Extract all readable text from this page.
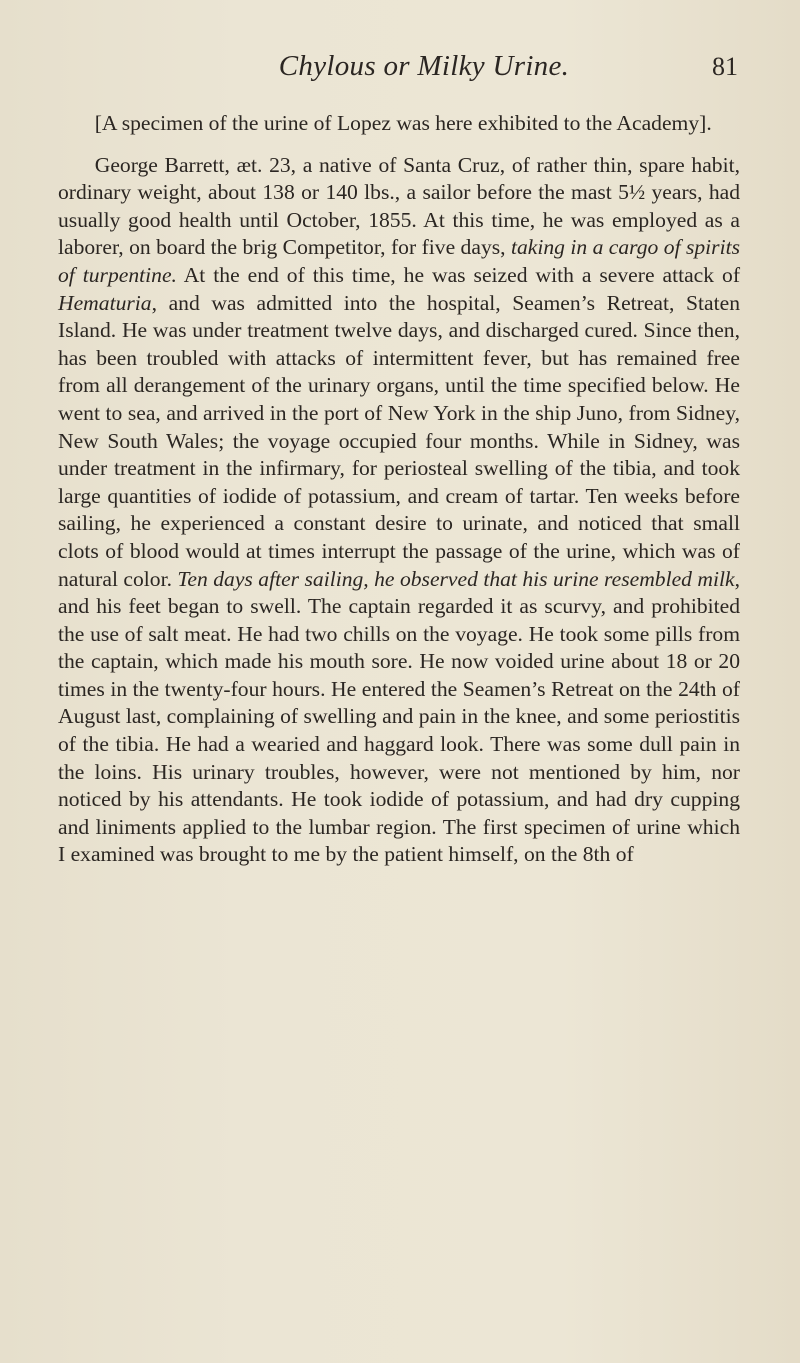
Chylous or Milky Urine.	81

[A specimen of the urine of Lopez was here exhibited to the Academy].

George Barrett, æt. 23, a native of Santa Cruz, of rather thin, spare habit, ordinary weight, about 138 or 140 lbs., a sailor before the mast 5½ years, had usually good health until October, 1855. At this time, he was employed as a laborer, on board the brig Competitor, for five days, taking in a cargo of spirits of turpentine. At the end of this time, he was seized with a severe attack of Hematuria, and was admitted into the hospital, Seamen’s Retreat, Staten Island. He was under treatment twelve days, and discharged cured. Since then, has been troubled with attacks of intermittent fever, but has remained free from all derangement of the urinary organs, until the time specified below. He went to sea, and arrived in the port of New York in the ship Juno, from Sidney, New South Wales; the voyage occupied four months. While in Sidney, was under treatment in the infirmary, for periosteal swelling of the tibia, and took large quantities of iodide of potassium, and cream of tartar. Ten weeks before sailing, he experienced a constant desire to urinate, and noticed that small clots of blood would at times interrupt the passage of the urine, which was of natural color. Ten days after sailing, he observed that his urine resembled milk, and his feet began to swell. The captain regarded it as scurvy, and prohibited the use of salt meat. He had two chills on the voyage. He took some pills from the captain, which made his mouth sore. He now voided urine about 18 or 20 times in the twenty-four hours. He entered the Seamen’s Retreat on the 24th of August last, complaining of swelling and pain in the knee, and some periostitis of the tibia. He had a wearied and haggard look. There was some dull pain in the loins. His urinary troubles, however, were not mentioned by him, nor noticed by his attendants. He took iodide of potassium, and had dry cupping and liniments applied to the lumbar region. The first specimen of urine which I examined was brought to me by the patient himself, on the 8th of
